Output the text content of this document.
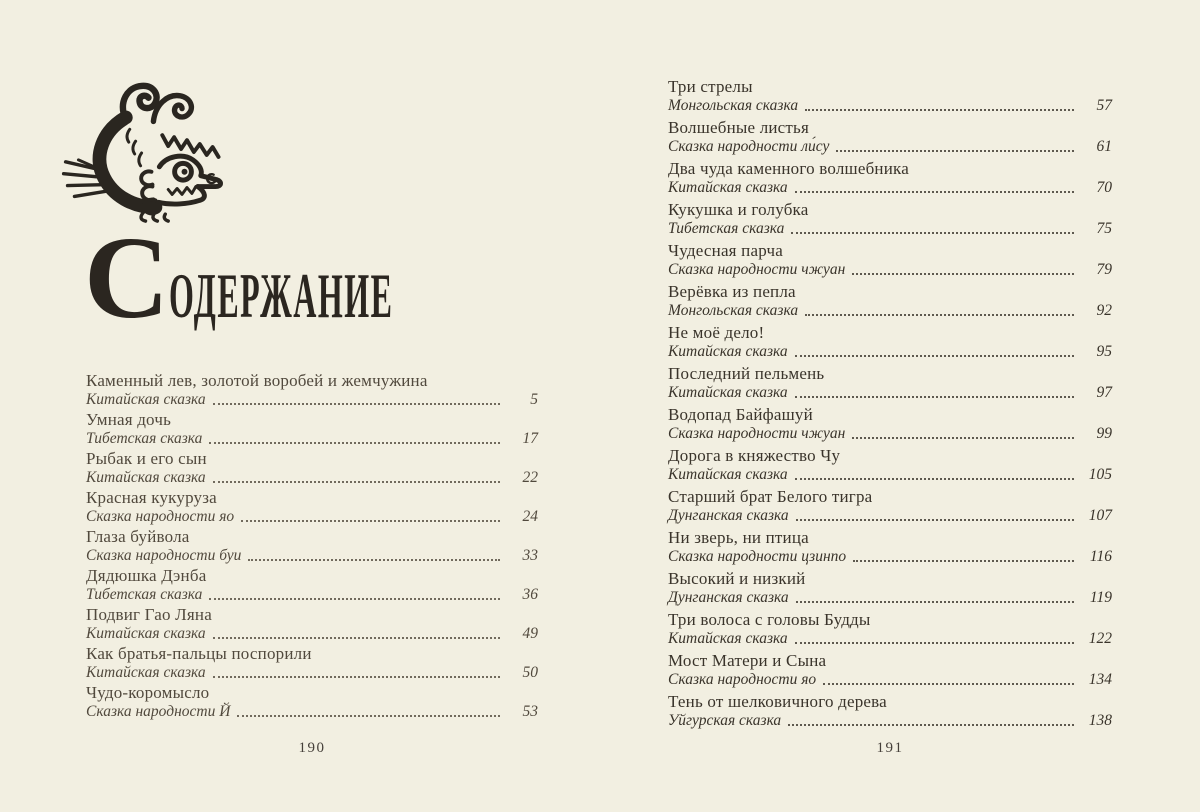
С ОДЕРЖАНИЕ
Каменный лев, золотой воробей и жемчужина
Китайская сказка	5
Умная дочь
Тибетская сказка	17
Рыбак и его сын
Китайская сказка	22
Красная кукуруза
Сказка народности яо	24
Глаза буйвола
Сказка народности буи	33
Дядюшка Дэнба
Тибетская сказка	36
Подвиг Гао Ляна
Китайская сказка	49
Как братья-пальцы поспорили
Китайская сказка	50
Чудо-коромысло
Сказка народности Й	53
Три стрелы
Монгольская сказка	57
Волшебные листья
Сказка народности ли́су	61
Два чуда каменного волшебника
Китайская сказка	70
Кукушка и голубка
Тибетская сказка	75
Чудесная парча
Сказка народности чжуан	79
Верёвка из пепла
Монгольская сказка	92
Не моё дело!
Китайская сказка	95
Последний пельмень
Китайская сказка	97
Водопад Байфашуй
Сказка народности чжуан	99
Дорога в княжество Чу
Китайская сказка	105
Старший брат Белого тигра
Дунганская сказка	107
Ни зверь, ни птица
Сказка народности цзинпо	116
Высокий и низкий
Дунганская сказка	119
Три волоса с головы Будды
Китайская сказка	122
Мост Матери и Сына
Сказка народности яо	134
Тень от шелковичного дерева
Уйгурская сказка	138
190	191
